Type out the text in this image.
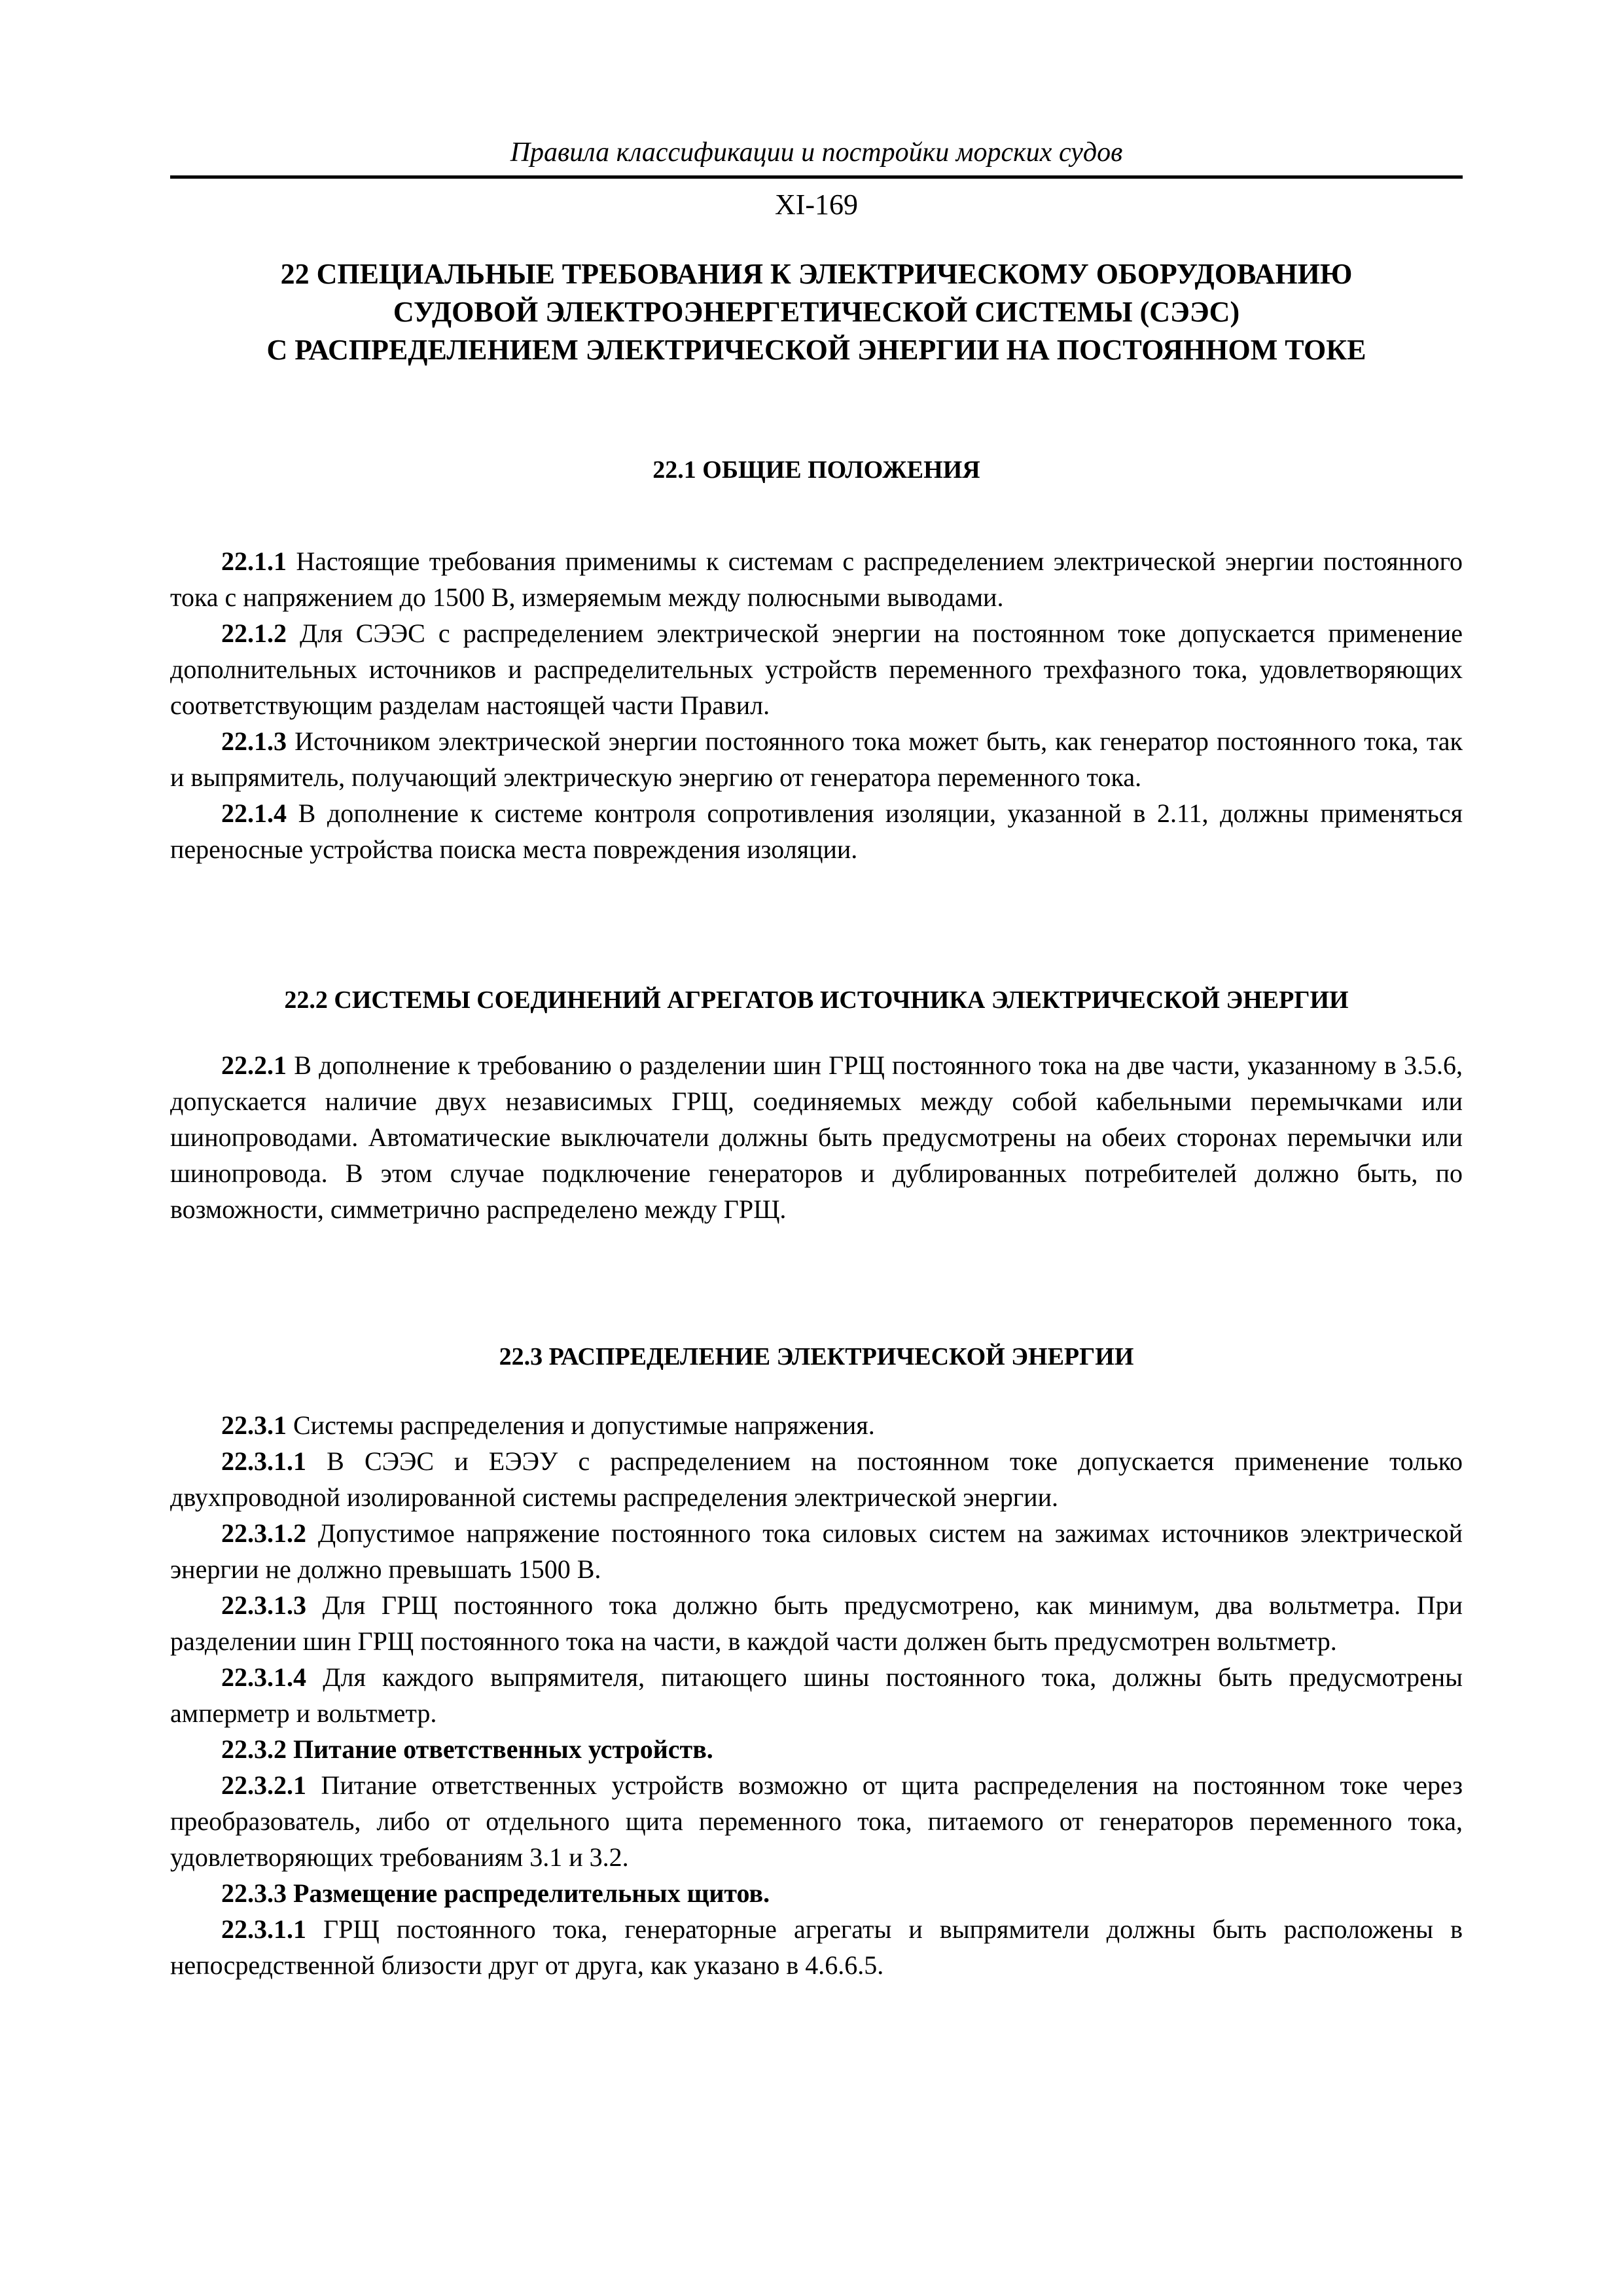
Правила классификации и постройки морских судов
XI-169
22 СПЕЦИАЛЬНЫЕ ТРЕБОВАНИЯ К ЭЛЕКТРИЧЕСКОМУ ОБОРУДОВАНИЮ
СУДОВОЙ ЭЛЕКТРОЭНЕРГЕТИЧЕСКОЙ СИСТЕМЫ (СЭЭС)
С РАСПРЕДЕЛЕНИЕМ ЭЛЕКТРИЧЕСКОЙ ЭНЕРГИИ НА ПОСТОЯННОМ ТОКЕ
22.1 ОБЩИЕ ПОЛОЖЕНИЯ

22.1.1 Настоящие требования применимы к системам с распределением электрической энергии постоянного тока с напряжением до 1500 В, измеряемым между полюсными выводами.

22.1.2 Для СЭЭС с распределением электрической энергии на постоянном токе допускается применение дополнительных источников и распределительных устройств переменного трехфазного тока, удовлетворяющих соответствующим разделам настоящей части Правил.

22.1.3 Источником электрической энергии постоянного тока может быть, как генератор постоянного тока, так и выпрямитель, получающий электрическую энергию от генератора переменного тока.

22.1.4 В дополнение к системе контроля сопротивления изоляции, указанной в 2.11, должны применяться переносные устройства поиска места повреждения изоляции.

22.2 СИСТЕМЫ СОЕДИНЕНИЙ АГРЕГАТОВ ИСТОЧНИКА ЭЛЕКТРИЧЕСКОЙ ЭНЕРГИИ

22.2.1 В дополнение к требованию о разделении шин ГРЩ постоянного тока на две части, указанному в 3.5.6, допускается наличие двух независимых ГРЩ, соединяемых между собой кабельными перемычками или шинопроводами. Автоматические выключатели должны быть предусмотрены на обеих сторонах перемычки или шинопровода. В этом случае подключение генераторов и дублированных потребителей должно быть, по возможности, симметрично распределено между ГРЩ.

22.3 РАСПРЕДЕЛЕНИЕ ЭЛЕКТРИЧЕСКОЙ ЭНЕРГИИ

22.3.1 Системы распределения и допустимые напряжения.

22.3.1.1 В СЭЭС и ЕЭЭУ с распределением на постоянном токе допускается применение только двухпроводной изолированной системы распределения электрической энергии.

22.3.1.2 Допустимое напряжение постоянного тока силовых систем на зажимах источников электрической энергии не должно превышать 1500 В.

22.3.1.3 Для ГРЩ постоянного тока должно быть предусмотрено, как минимум, два вольтметра. При разделении шин ГРЩ постоянного тока на части, в каждой части должен быть предусмотрен вольтметр.

22.3.1.4 Для каждого выпрямителя, питающего шины постоянного тока, должны быть предусмотрены амперметр и вольтметр.

22.3.2 Питание ответственных устройств.

22.3.2.1 Питание ответственных устройств возможно от щита распределения на постоянном токе через преобразователь, либо от отдельного щита переменного тока, питаемого от генераторов переменного тока, удовлетворяющих требованиям 3.1 и 3.2.

22.3.3 Размещение распределительных щитов.

22.3.1.1 ГРЩ постоянного тока, генераторные агрегаты и выпрямители должны быть расположены в непосредственной близости друг от друга, как указано в 4.6.6.5.
